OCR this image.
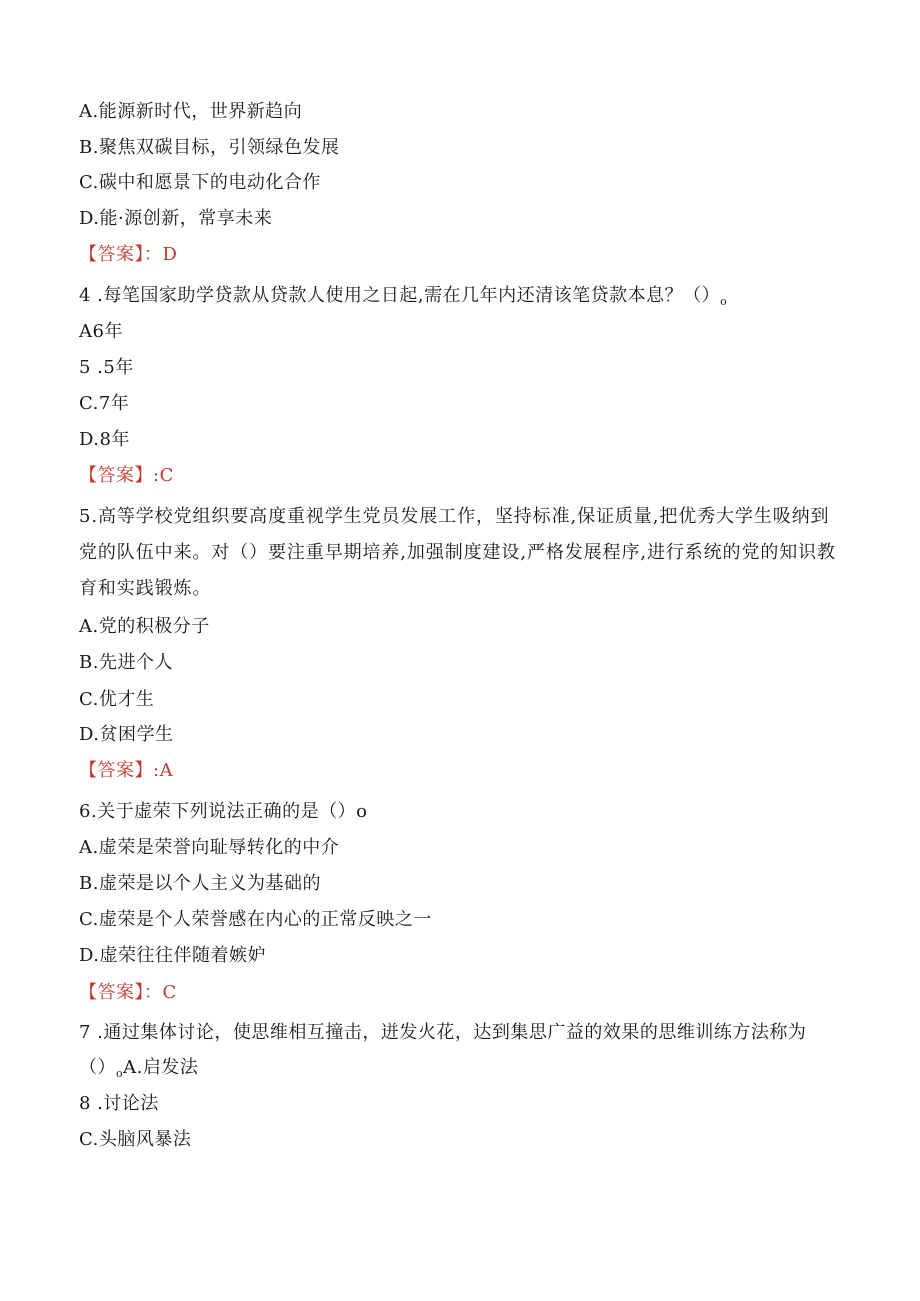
A.能源新时代，世界新趋向
B.聚焦双碳目标，引领绿色发展
C.碳中和愿景下的电动化合作
D.能·源创新，常享未来
【答案】：D
4 .每笔国家助学贷款从贷款人使用之日起,需在几年内还清该笔贷款本息？$()_o$
A6年
5 .5年
C.7年
D.8年
【答案】:C
5.高等学校党组织要高度重视学生党员发展工作，坚持标准,保证质量,把优秀大学生吸纳到
党的队伍中来。对（）要注重早期培养,加强制度建设,严格发展程序,进行系统的党的知识教
育和实践锻炼。
A.党的积极分子
B.先进个人
C.优才生
D.贫困学生
【答案】:A
6.关于虚荣下列说法正确的是（）o
A.虚荣是荣誉向耻辱转化的中介
B.虚荣是以个人主义为基础的
C.虚荣是个人荣誉感在内心的正常反映之一
D.虚荣往往伴随着嫉妒
【答案】：C
7 .通过集体讨论，使思维相互撞击，迸发火花，达到集思广益的效果的思维训练方法称为
$()_oA$.启发法
8 .讨论法
C.头脑风暴法
